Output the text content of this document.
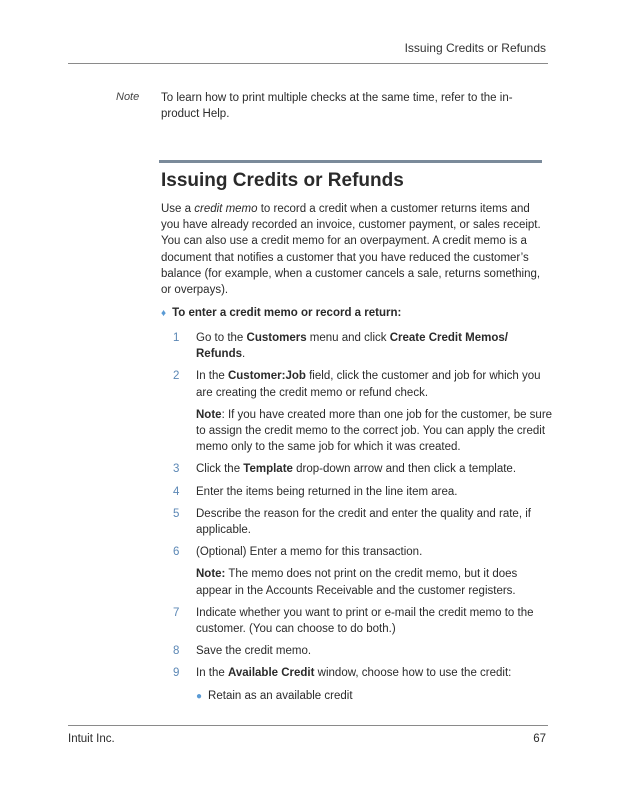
Issuing Credits or Refunds
Note To learn how to print multiple checks at the same time, refer to the in-product Help.
Issuing Credits or Refunds

Use a credit memo to record a credit when a customer returns items and you have already recorded an invoice, customer payment, or sales receipt. You can also use a credit memo for an overpayment. A credit memo is a document that notifies a customer that you have reduced the customer’s balance (for example, when a customer cancels a sale, returns something, or overpays).

♦ To enter a credit memo or record a return:
1 Go to the Customers menu and click Create Credit Memos/ Refunds.
2 In the Customer:Job field, click the customer and job for which you are creating the credit memo or refund check.
Note: If you have created more than one job for the customer, be sure to assign the credit memo to the correct job. You can apply the credit memo only to the same job for which it was created.
3 Click the Template drop-down arrow and then click a template.
4 Enter the items being returned in the line item area.
5 Describe the reason for the credit and enter the quality and rate, if applicable.
6 (Optional) Enter a memo for this transaction.
Note: The memo does not print on the credit memo, but it does appear in the Accounts Receivable and the customer registers.
7 Indicate whether you want to print or e-mail the credit memo to the customer. (You can choose to do both.)
8 Save the credit memo.
9 In the Available Credit window, choose how to use the credit:
● Retain as an available credit
Intuit Inc.	67
